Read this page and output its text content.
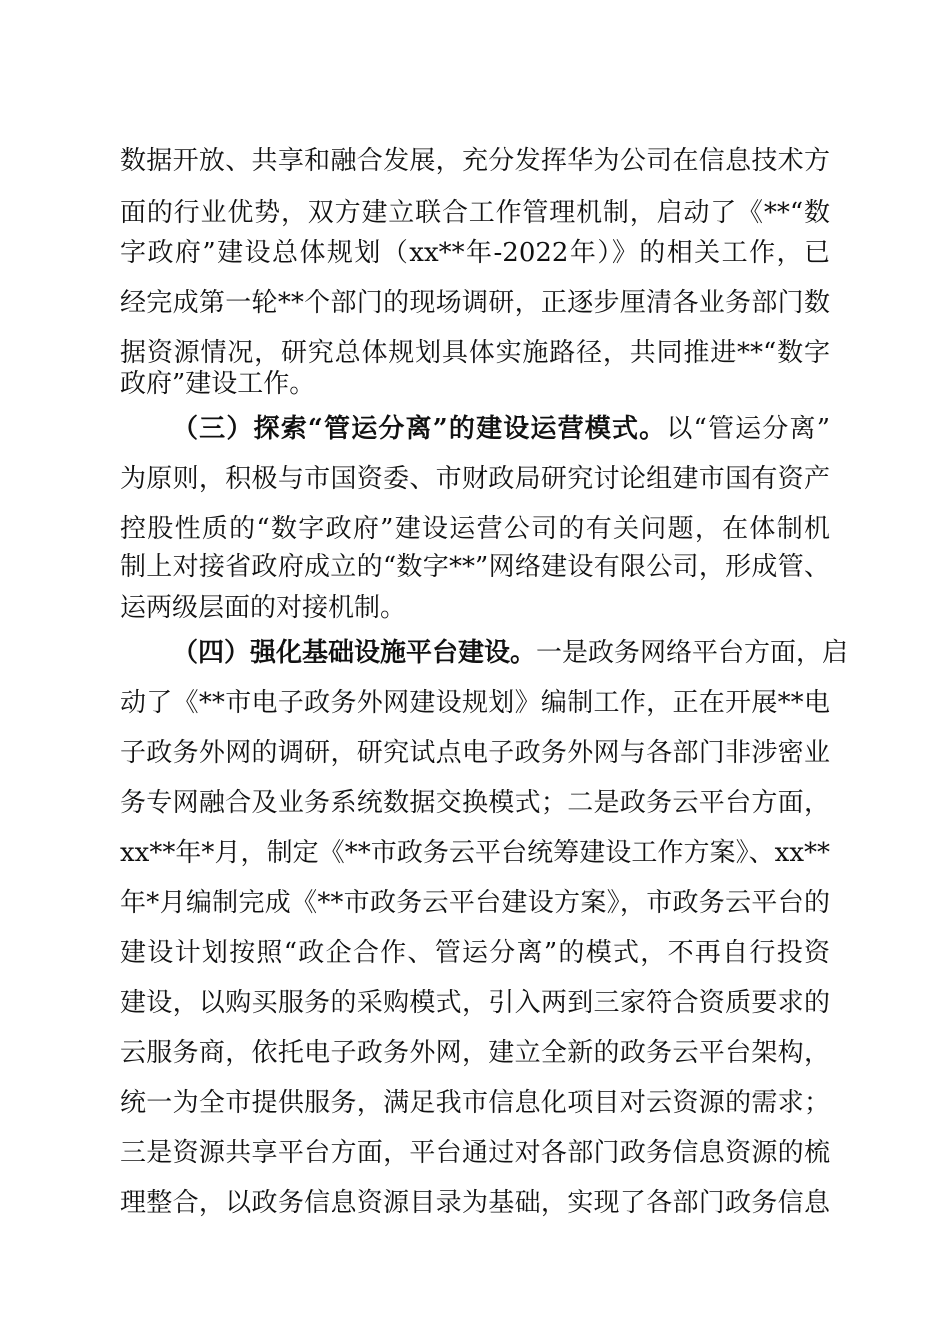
数据开放、共享和融合发展，充分发挥华为公司在信息技术方
面的行业优势，双方建立联合工作管理机制，启动了《**“数
字政府”建设总体规划（xx**年-2022年）》的相关工作，已
经完成第一轮**个部门的现场调研，正逐步厘清各业务部门数
据资源情况，研究总体规划具体实施路径，共同推进**“数字
政府”建设工作。
（三）探索“管运分离”的建设运营模式。以“管运分离”
为原则，积极与市国资委、市财政局研究讨论组建市国有资产
控股性质的“数字政府”建设运营公司的有关问题，在体制机
制上对接省政府成立的“数字**”网络建设有限公司，形成管、
运两级层面的对接机制。
（四）强化基础设施平台建设。一是政务网络平台方面，启
动了《**市电子政务外网建设规划》编制工作，正在开展**电
子政务外网的调研，研究试点电子政务外网与各部门非涉密业
务专网融合及业务系统数据交换模式；二是政务云平台方面，
xx**年*月，制定《**市政务云平台统筹建设工作方案》、xx**
年*月编制完成《**市政务云平台建设方案》，市政务云平台的
建设计划按照“政企合作、管运分离”的模式，不再自行投资
建设，以购买服务的采购模式，引入两到三家符合资质要求的
云服务商，依托电子政务外网，建立全新的政务云平台架构，
统一为全市提供服务，满足我市信息化项目对云资源的需求；
三是资源共享平台方面，平台通过对各部门政务信息资源的梳
理整合，以政务信息资源目录为基础，实现了各部门政务信息
